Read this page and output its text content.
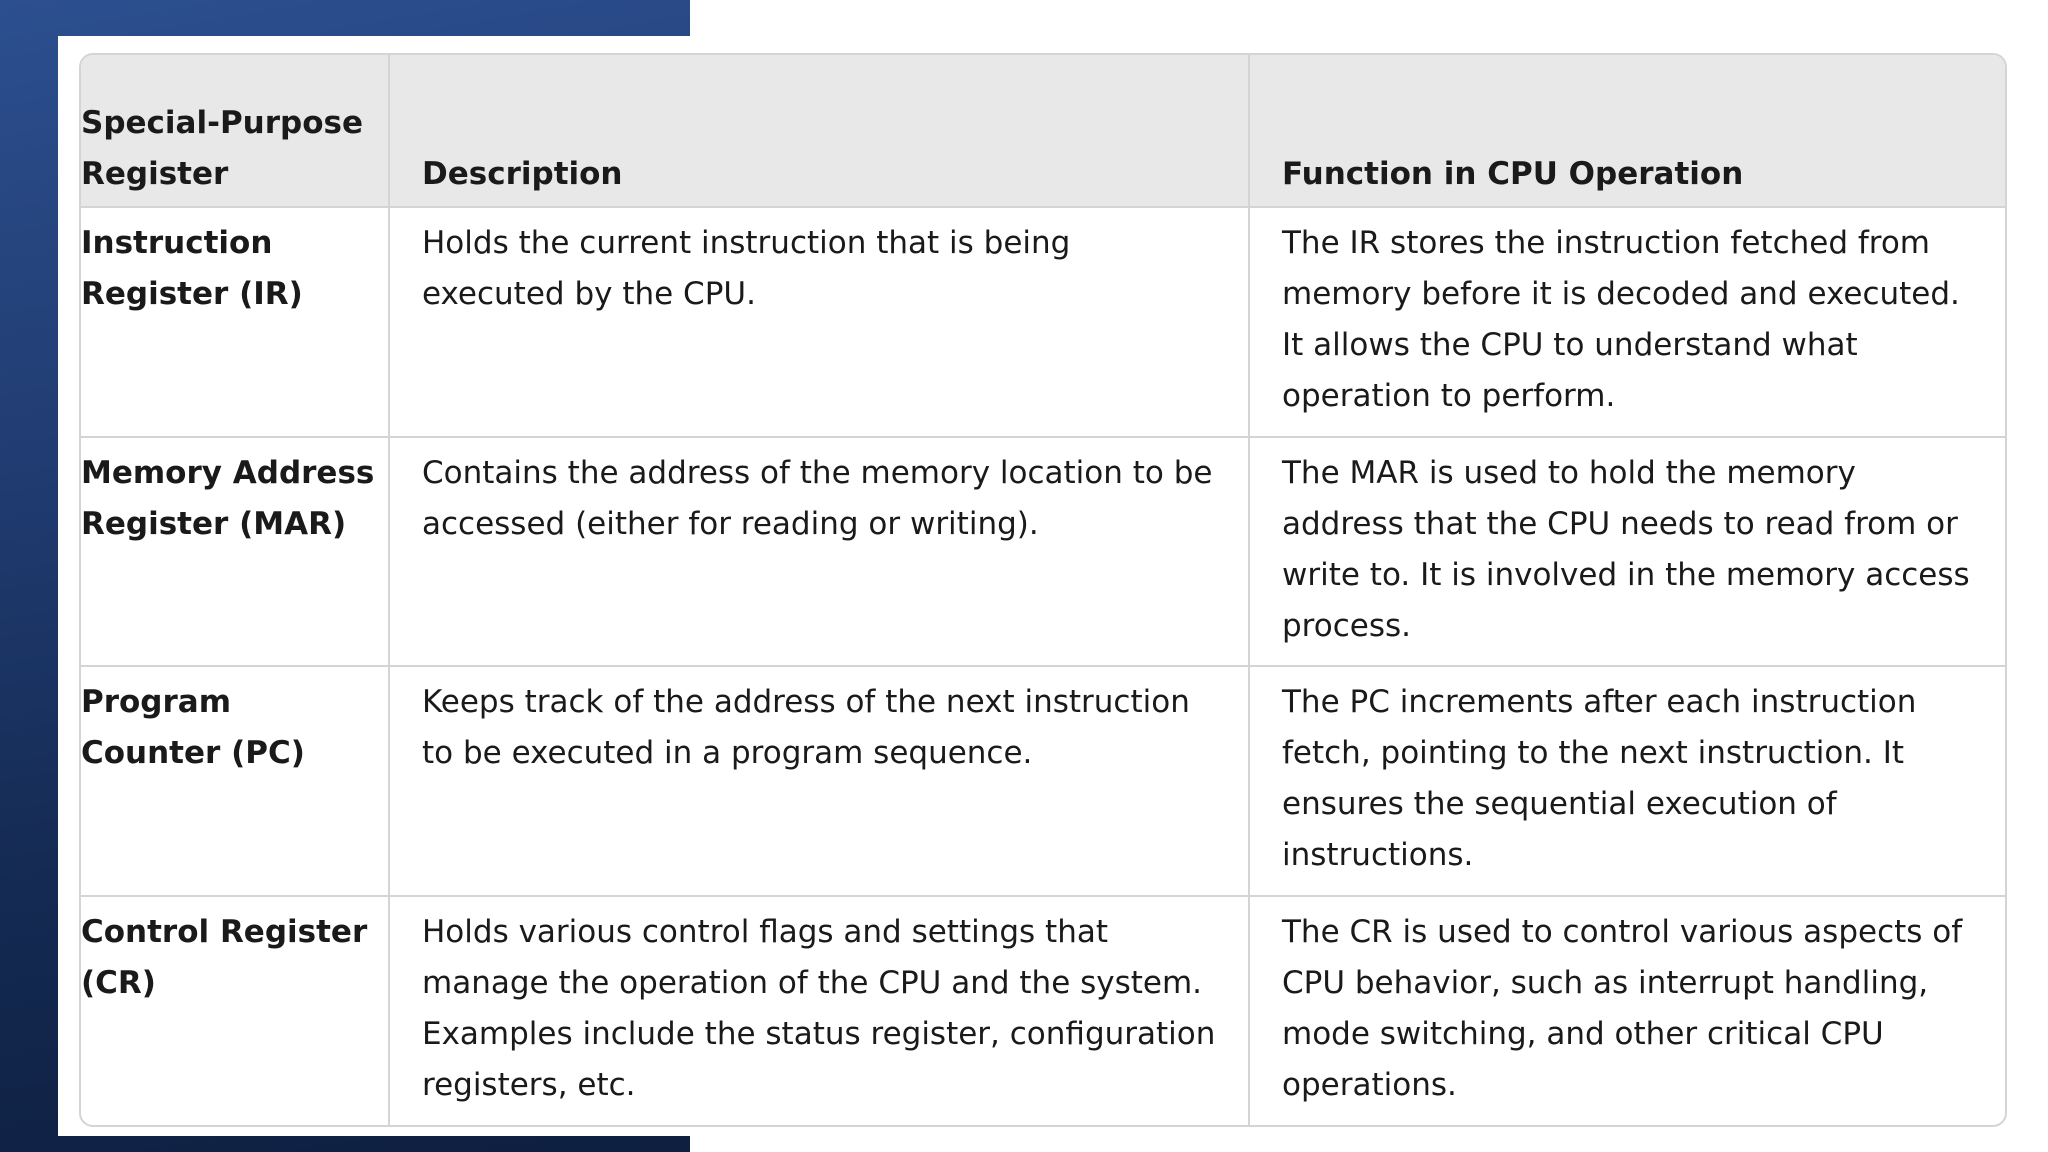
Special-Purpose Register	Description	Function in CPU Operation
Instruction Register (IR)	Holds the current instruction that is being executed by the CPU.	The IR stores the instruction fetched from memory before it is decoded and executed. It allows the CPU to understand what operation to perform.
Memory Address Register (MAR)	Contains the address of the memory location to be accessed (either for reading or writing).	The MAR is used to hold the memory address that the CPU needs to read from or write to. It is involved in the memory access process.
Program Counter (PC)	Keeps track of the address of the next instruction to be executed in a program sequence.	The PC increments after each instruction fetch, pointing to the next instruction. It ensures the sequential execution of instructions.
Control Register (CR)	Holds various control flags and settings that manage the operation of the CPU and the system. Examples include the status register, configuration registers, etc.	The CR is used to control various aspects of CPU behavior, such as interrupt handling, mode switching, and other critical CPU operations.
